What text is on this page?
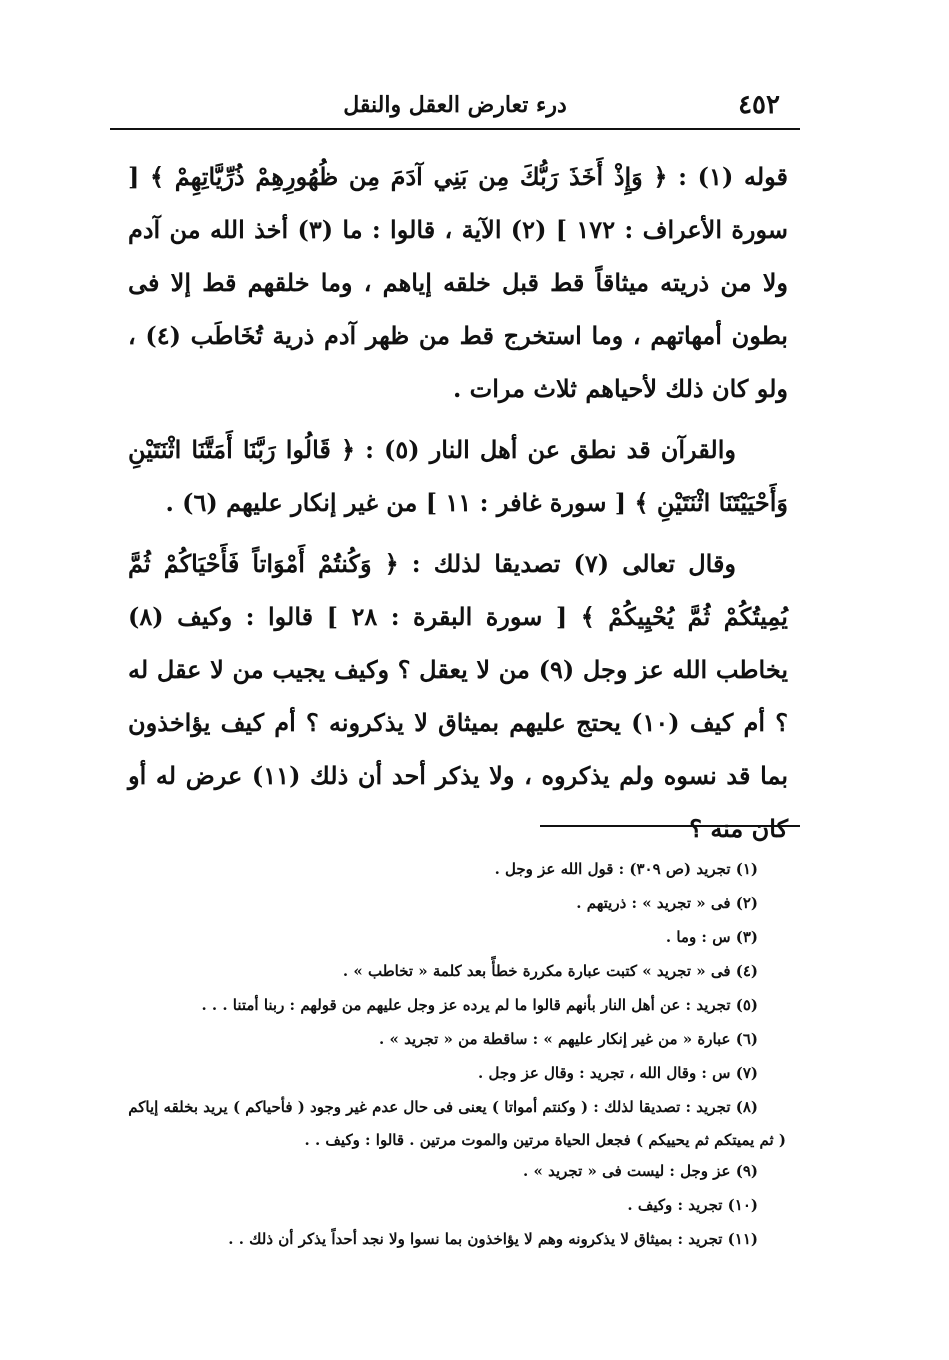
٤٥٢
درء تعارض العقل والنقل

قوله (١) : ﴿ وَإِذْ أَخَذَ رَبُّكَ مِن بَنِي آدَمَ مِن ظُهُورِهِمْ ذُرِّيَّاتِهِمْ ﴾ [ سورة الأعراف : ١٧٢ ] (٢) الآية ، قالوا : ما (٣) أخذ الله من آدم ولا من ذريته ميثاقاً قط قبل خلقه إياهم ، وما خلقهم قط إلا فى بطون أمهاتهم ، وما استخرج قط من ظهر آدم ذرية تُخَاطَب (٤) ، ولو كان ذلك لأحياهم ثلاث مرات .

والقرآن قد نطق عن أهل النار (٥) : ﴿ قَالُوا رَبَّنَا أَمَتَّنَا اثْنَتَيْنِ وَأَحْيَيْتَنَا اثْنَتَيْنِ ﴾ [ سورة غافر : ١١ ] من غير إنكار عليهم (٦) .

وقال تعالى (٧) تصديقا لذلك : ﴿ وَكُنتُمْ أَمْوَاتاً فَأَحْيَاكُمْ ثُمَّ يُمِيتُكُمْ ثُمَّ يُحْيِيكُمْ ﴾ [ سورة البقرة : ٢٨ ] قالوا : وكيف (٨) يخاطب الله عز وجل (٩) من لا يعقل ؟ وكيف يجيب من لا عقل له ؟ أم كيف (١٠) يحتج عليهم بميثاق لا يذكرونه ؟ أم كيف يؤاخذون بما قد نسوه ولم يذكروه ، ولا يذكر أحد أن ذلك (١١) عرض له أو كان منه ؟

(١) تجريد (ص ٣٠٩) : قول الله عز وجل .

(٢) فى « تجريد » : ذريتهم .

(٣) س : وما .

(٤) فى « تجريد » كتبت عبارة مكررة خطأً بعد كلمة « تخاطب » .

(٥) تجريد : عن أهل النار بأنهم قالوا ما لم يرده عز وجل عليهم من قولهم : ربنا أمتنا . . .

(٦) عبارة « من غير إنكار عليهم » : ساقطة من « تجريد » .

(٧) س : وقال الله ، تجريد : وقال عز وجل .

(٨) تجريد : تصديقا لذلك : ( وكنتم أمواتا ) يعنى فى حال عدم غير وجود ( فأحياكم ) يريد بخلقه إياكم

( ثم يميتكم ثم يحييكم ) فجعل الحياة مرتين والموت مرتين . قالوا : وكيف . .

(٩) عز وجل : ليست فى « تجريد » .

(١٠) تجريد : وكيف .

(١١) تجريد : بميثاق لا يذكرونه وهم لا يؤاخذون بما نسوا ولا نجد أحداً يذكر أن ذلك . .
